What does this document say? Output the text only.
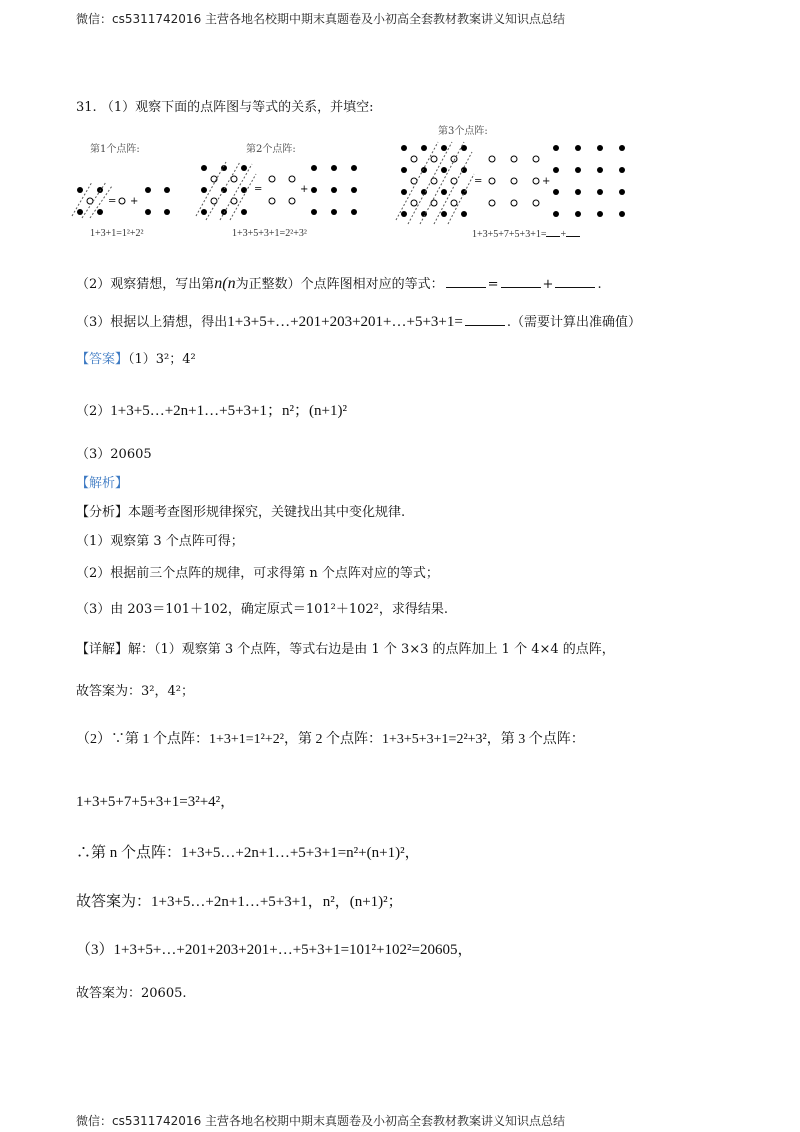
微信：cs5311742016 主营各地名校期中期末真题卷及小初高全套教材教案讲义知识点总结
31. （1）观察下面的点阵图与等式的关系，并填空:
第1个点阵:	第2个点阵:
第3个点阵:
= +
=	+
=	+
1+3+1=1²+2²	1+3+5+3+1=2²+3²	1+3+5+7+5+3+1= +
（2）观察猜想，写出第n(n为正整数）个点阵图相对应的等式：	=	+	.
（3）根据以上猜想，得出1+3+5+…+201+203+201+…+5+3+1=	.（需要计算出准确值）
【答案】（1）3²；4²
（2）1+3+5…+2n+1…+5+3+1；n²；(n+1)²
（3）20605
【解析】
【分析】本题考查图形规律探究，关键找出其中变化规律.
（1）观察第 3 个点阵可得；
（2）根据前三个点阵的规律，可求得第 n 个点阵对应的等式；
（3）由 203＝101＋102，确定原式＝101²＋102²，求得结果.
【详解】解：（1）观察第 3 个点阵，等式右边是由 1 个 3×3 的点阵加上 1 个 4×4 的点阵，
故答案为：3²，4²；
（2）∵第 1 个点阵：1+3+1=1²+2²，第 2 个点阵：1+3+5+3+1=2²+3²，第 3 个点阵：
1+3+5+7+5+3+1=3²+4²，
∴第 n 个点阵：1+3+5…+2n+1…+5+3+1=n²+(n+1)²，
故答案为：1+3+5…+2n+1…+5+3+1，n²，(n+1)²；
（3）1+3+5+…+201+203+201+…+5+3+1=101²+102²=20605，
故答案为：20605.
微信：cs5311742016 主营各地名校期中期末真题卷及小初高全套教材教案讲义知识点总结
